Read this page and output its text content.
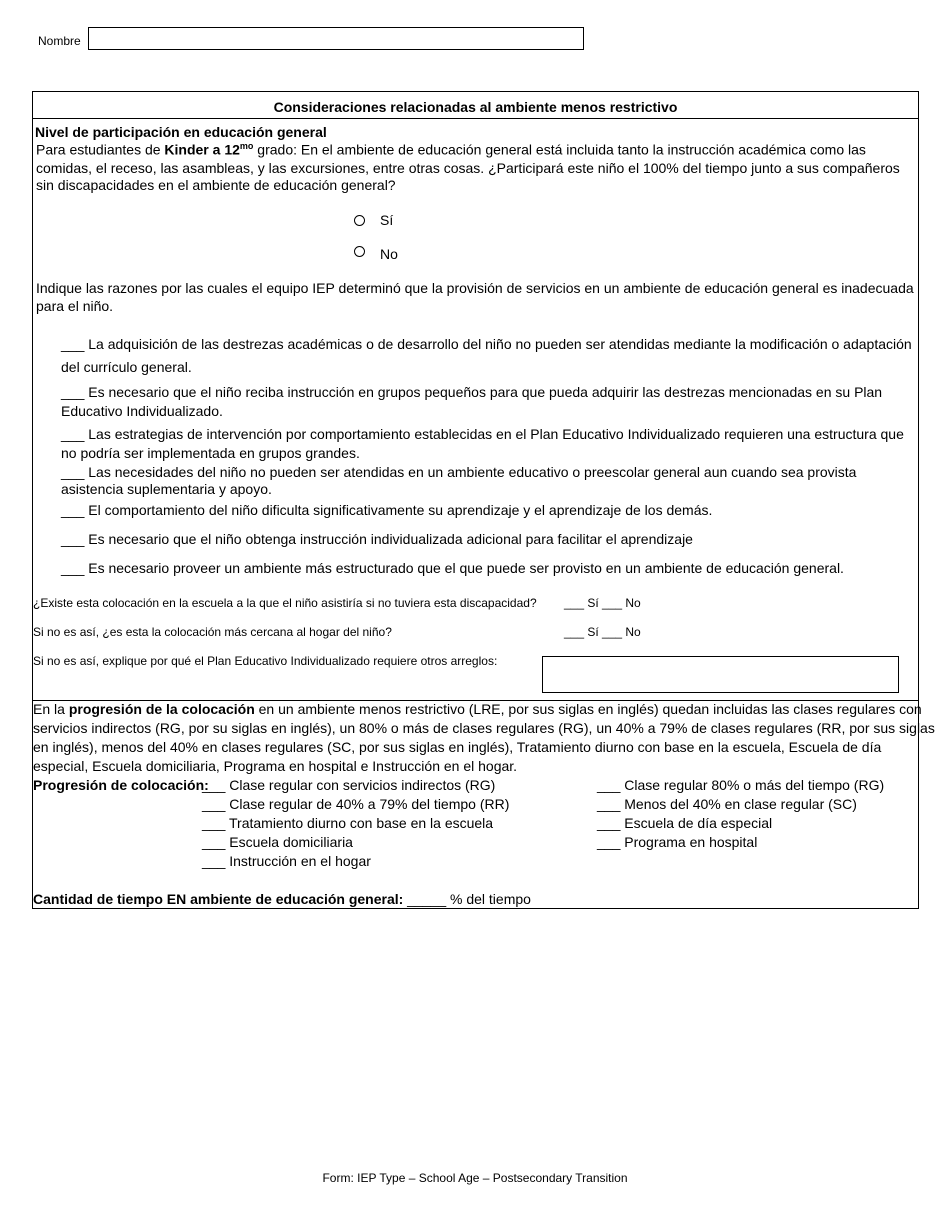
Nombre
Consideraciones relacionadas al ambiente menos restrictivo
Nivel de participación en educación general
Para estudiantes de Kinder a $12^{mo}$ grado: En el ambiente de educación general está incluida tanto la instrucción académica como las
comidas, el receso, las asambleas, y las excursiones, entre otras cosas. ¿Participará este niño el 100% del tiempo junto a sus compañeros
sin discapacidades en el ambiente de educación general?
Sí
No
Indique las razones por las cuales el equipo IEP determinó que la provisión de servicios en un ambiente de educación general es inadecuada
para el niño.
___ La adquisición de las destrezas académicas o de desarrollo del niño no pueden ser atendidas mediante la modificación o adaptación
del currículo general.
___ Es necesario que el niño reciba instrucción en grupos pequeños para que pueda adquirir las destrezas mencionadas en su Plan
Educativo Individualizado.
___ Las estrategias de intervención por comportamiento establecidas en el Plan Educativo Individualizado requieren una estructura que
no podría ser implementada en grupos grandes.
___ Las necesidades del niño no pueden ser atendidas en un ambiente educativo o preescolar general aun cuando sea provista
asistencia suplementaria y apoyo.
___ El comportamiento del niño dificulta significativamente su aprendizaje y el aprendizaje de los demás.
___ Es necesario que el niño obtenga instrucción individualizada adicional para facilitar el aprendizaje
___ Es necesario proveer un ambiente más estructurado que el que puede ser provisto en un ambiente de educación general.
¿Existe esta colocación en la escuela a la que el niño asistiría si no tuviera esta discapacidad? ___ Sí ___ No
Si no es así, ¿es esta la colocación más cercana al hogar del niño?	___ Sí ___ No
Si no es así, explique por qué el Plan Educativo Individualizado requiere otros arreglos:
En la progresión de la colocación en un ambiente menos restrictivo (LRE, por sus siglas en inglés) quedan incluidas las clases regulares con
servicios indirectos (RG, por su siglas en inglés), un 80% o más de clases regulares (RG), un 40% a 79% de clases regulares (RR, por sus siglas
en inglés), menos del 40% en clases regulares (SC, por sus siglas en inglés), Tratamiento diurno con base en la escuela, Escuela de día
especial, Escuela domiciliaria, Programa en hospital e Instrucción en el hogar.
Progresión de colocación:
___ Clase regular con servicios indirectos (RG)
___ Clase regular de 40% a 79% del tiempo (RR)
___ Tratamiento diurno con base en la escuela
___ Escuela domiciliaria
___ Instrucción en el hogar
___ Clase regular 80% o más del tiempo (RG)
___ Menos del 40% en clase regular (SC)
___ Escuela de día especial
___ Programa en hospital
Cantidad de tiempo EN ambiente de educación general: _____ % del tiempo
Form: IEP Type – School Age – Postsecondary Transition
